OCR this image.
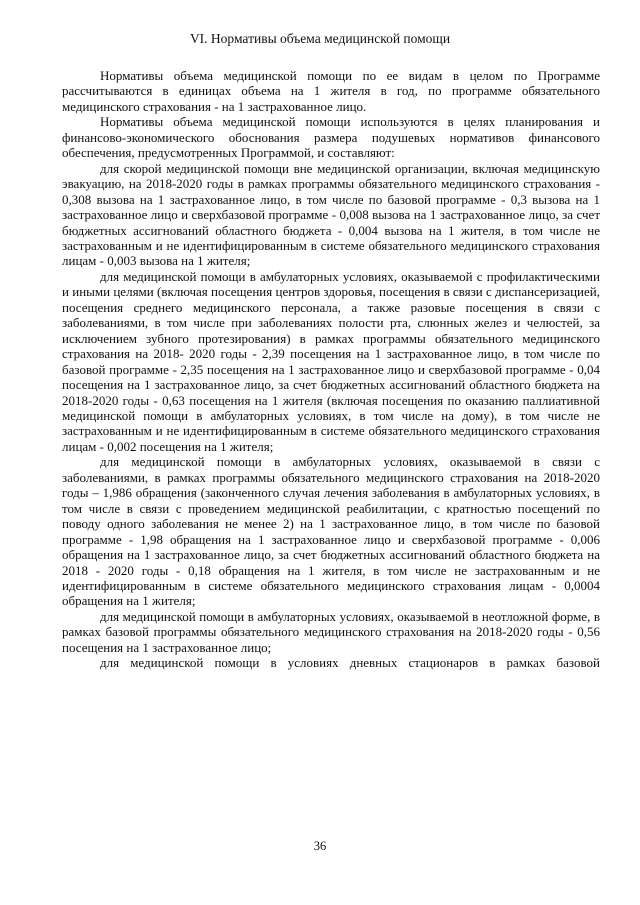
VI. Нормативы объема медицинской помощи

Нормативы объема медицинской помощи по ее видам в целом по Программе рассчитываются в единицах объема на 1 жителя в год, по программе обязательного медицинского страхования - на 1 застрахованное лицо.

Нормативы объема медицинской помощи используются в целях планирования и финансово-экономического обоснования размера подушевых нормативов финансового обеспечения, предусмотренных Программой, и составляют:

для скорой медицинской помощи вне медицинской организации, включая медицинскую эвакуацию, на 2018-2020 годы в рамках программы обязательного медицинского страхования - 0,308 вызова на 1 застрахованное лицо, в том числе по базовой программе - 0,3 вызова на 1 застрахованное лицо и сверхбазовой программе - 0,008 вызова на 1 застрахованное лицо, за счет бюджетных ассигнований областного бюджета - 0,004 вызова на 1 жителя, в том числе не застрахованным и не идентифицированным в системе обязательного медицинского страхования лицам - 0,003 вызова на 1 жителя;

для медицинской помощи в амбулаторных условиях, оказываемой с профилактическими и иными целями (включая посещения центров здоровья, посещения в связи с диспансеризацией, посещения среднего медицинского персонала, а также разовые посещения в связи с заболеваниями, в том числе при заболеваниях полости рта, слюнных желез и челюстей, за исключением зубного протезирования) в рамках программы обязательного медицинского страхования на 2018- 2020 годы - 2,39 посещения на 1 застрахованное лицо, в том числе по базовой программе - 2,35 посещения на 1 застрахованное лицо и сверхбазовой программе - 0,04 посещения на 1 застрахованное лицо, за счет бюджетных ассигнований областного бюджета на 2018-2020 годы - 0,63 посещения на 1 жителя (включая посещения по оказанию паллиативной медицинской помощи в амбулаторных условиях, в том числе на дому), в том числе не застрахованным и не идентифицированным в системе обязательного медицинского страхования лицам - 0,002 посещения на 1 жителя;

для медицинской помощи в амбулаторных условиях, оказываемой в связи с заболеваниями, в рамках программы обязательного медицинского страхования на 2018-2020 годы – 1,986 обращения (законченного случая лечения заболевания в амбулаторных условиях, в том числе в связи с проведением медицинской реабилитации, с кратностью посещений по поводу одного заболевания не менее 2) на 1 застрахованное лицо, в том числе по базовой программе - 1,98 обращения на 1 застрахованное лицо и сверхбазовой программе - 0,006 обращения на 1 застрахованное лицо, за счет бюджетных ассигнований областного бюджета на 2018 - 2020 годы - 0,18 обращения на 1 жителя, в том числе не застрахованным и не идентифицированным в системе обязательного медицинского страхования лицам - 0,0004 обращения на 1 жителя;

для медицинской помощи в амбулаторных условиях, оказываемой в неотложной форме, в рамках базовой программы обязательного медицинского страхования на 2018-2020 годы - 0,56 посещения на 1 застрахованное лицо;

для медицинской помощи в условиях дневных стационаров в рамках базовой

36
